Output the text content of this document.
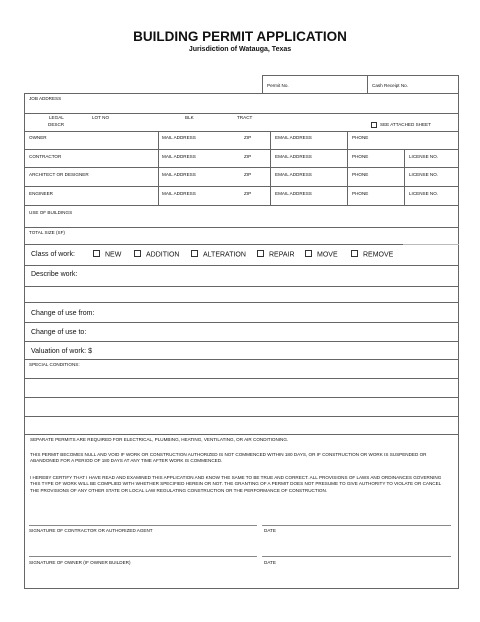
BUILDING PERMIT APPLICATION
Jurisdiction of Watauga, Texas
Permit No.	Cash Receipt No.
JOB ADDRESS
LEGAL
DESCR
LOT NO	BLK	TRACT
SEE ATTACHED SHEET
OWNER	MAIL ADDRESS	ZIP	EMAIL ADDRESS	PHONE
CONTRACTOR	MAIL ADDRESS	ZIP	EMAIL ADDRESS	PHONE	LICENSE NO.
ARCHITECT OR DESIGNER	MAIL ADDRESS	ZIP	EMAIL ADDRESS	PHONE	LICENSE NO.
ENGINEER	MAIL ADDRESS	ZIP	EMAIL ADDRESS	PHONE	LICENSE NO.
USE OF BUILDINGS
TOTAL SIZE (SF)
Class of work:	NEW	ADDITION	ALTERATION	REPAIR	MOVE	REMOVE
Describe work:
Change of use from:
Change of use to:
Valuation of work: $
SPECIAL CONDITIONS:
SEPARATE PERMITS ARE REQUIRED FOR ELECTRICAL, PLUMBING, HEATING, VENTILATING, OR AIR CONDITIONING.
THIS PERMIT BECOMES NULL AND VOID IF WORK OR CONSTRUCTION AUTHORIZED IS NOT COMMENCED WITHIN 180 DAYS, OR IF CONSTRUCTION OR WORK IS SUSPENDED OR ABANDONED FOR A PERIOD OF 180 DAYS AT ANY TIME AFTER WORK IS COMMENCED.
I HEREBY CERTIFY THAT I HAVE READ AND EXAMINED THIS APPLICATION AND KNOW THE SAME TO BE TRUE AND CORRECT. ALL PROVISIONS OF LAWS AND ORDINANCES GOVERNING THIS TYPE OF WORK WILL BE COMPLIED WITH WHETHER SPECIFIED HEREIN OR NOT. THE GRANTING OF A PERMIT DOES NOT PRESUME TO GIVE AUTHORITY TO VIOLATE OR CANCEL THE PROVISIONS OF ANY OTHER STATE OR LOCAL LAW REGULATING CONSTRUCTION OR THE PERFORMANCE OF CONSTRUCTION.
SIGNATURE OF CONTRACTOR OR AUTHORIZED AGENT	DATE
SIGNATURE OF OWNER (IF OWNER BUILDER)	DATE
